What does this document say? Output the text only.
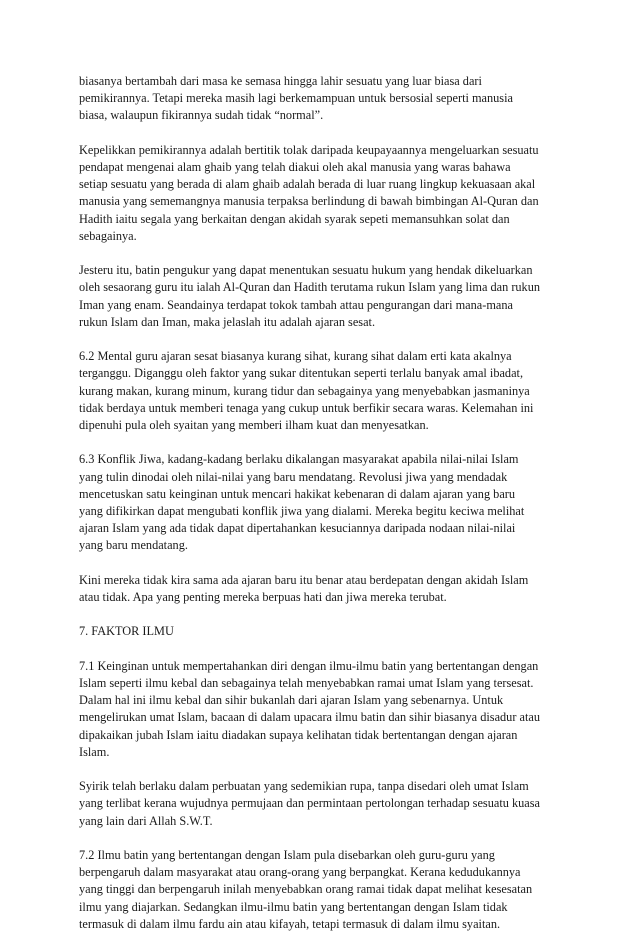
biasanya bertambah dari masa ke semasa hingga lahir sesuatu yang luar biasa dari
pemikirannya. Tetapi mereka masih lagi berkemampuan untuk bersosial seperti manusia
biasa, walaupun fikirannya sudah tidak “normal”.

Kepelikkan pemikirannya adalah bertitik tolak daripada keupayaannya mengeluarkan sesuatu
pendapat mengenai alam ghaib yang telah diakui oleh akal manusia yang waras bahawa
setiap sesuatu yang berada di alam ghaib adalah berada di luar ruang lingkup kekuasaan akal
manusia yang sememangnya manusia terpaksa berlindung di bawah bimbingan Al-Quran dan
Hadith iaitu segala yang berkaitan dengan akidah syarak sepeti memansuhkan solat dan
sebagainya.

Jesteru itu, batin pengukur yang dapat menentukan sesuatu hukum yang hendak dikeluarkan
oleh sesaorang guru itu ialah Al-Quran dan Hadith terutama rukun Islam yang lima dan rukun
Iman yang enam. Seandainya terdapat tokok tambah attau pengurangan dari mana-mana
rukun Islam dan Iman, maka jelaslah itu adalah ajaran sesat.

6.2 Mental guru ajaran sesat biasanya kurang sihat, kurang sihat dalam erti kata akalnya
terganggu. Diganggu oleh faktor yang sukar ditentukan seperti terlalu banyak amal ibadat,
kurang makan, kurang minum, kurang tidur dan sebagainya yang menyebabkan jasmaninya
tidak berdaya untuk memberi tenaga yang cukup untuk berfikir secara waras. Kelemahan ini
dipenuhi pula oleh syaitan yang memberi ilham kuat dan menyesatkan.

6.3 Konflik Jiwa, kadang-kadang berlaku dikalangan masyarakat apabila nilai-nilai Islam
yang tulin dinodai oleh nilai-nilai yang baru mendatang. Revolusi jiwa yang mendadak
mencetuskan satu keinginan untuk mencari hakikat kebenaran di dalam ajaran yang baru
yang difikirkan dapat mengubati konflik jiwa yang dialami. Mereka begitu keciwa melihat
ajaran Islam yang ada tidak dapat dipertahankan kesuciannya daripada nodaan nilai-nilai
yang baru mendatang.

Kini mereka tidak kira sama ada ajaran baru itu benar atau berdepatan dengan akidah Islam
atau tidak. Apa yang penting mereka berpuas hati dan jiwa mereka terubat.

7. FAKTOR ILMU

7.1 Keinginan untuk mempertahankan diri dengan ilmu-ilmu batin yang bertentangan dengan
Islam seperti ilmu kebal dan sebagainya telah menyebabkan ramai umat Islam yang tersesat.
Dalam hal ini ilmu kebal dan sihir bukanlah dari ajaran Islam yang sebenarnya. Untuk
mengelirukan umat Islam, bacaan di dalam upacara ilmu batin dan sihir biasanya disadur atau
dipakaikan jubah Islam iaitu diadakan supaya kelihatan tidak bertentangan dengan ajaran
Islam.

Syirik telah berlaku dalam perbuatan yang sedemikian rupa, tanpa disedari oleh umat Islam
yang terlibat kerana wujudnya permujaan dan permintaan pertolongan terhadap sesuatu kuasa
yang lain dari Allah S.W.T.

7.2 Ilmu batin yang bertentangan dengan Islam pula disebarkan oleh guru-guru yang
berpengaruh dalam masyarakat atau orang-orang yang berpangkat. Kerana kedudukannya
yang tinggi dan berpengaruh inilah menyebabkan orang ramai tidak dapat melihat kesesatan
ilmu yang diajarkan. Sedangkan ilmu-ilmu batin yang bertentangan dengan Islam tidak
termasuk di dalam ilmu fardu ain atau kifayah, tetapi termasuk di dalam ilmu syaitan.
